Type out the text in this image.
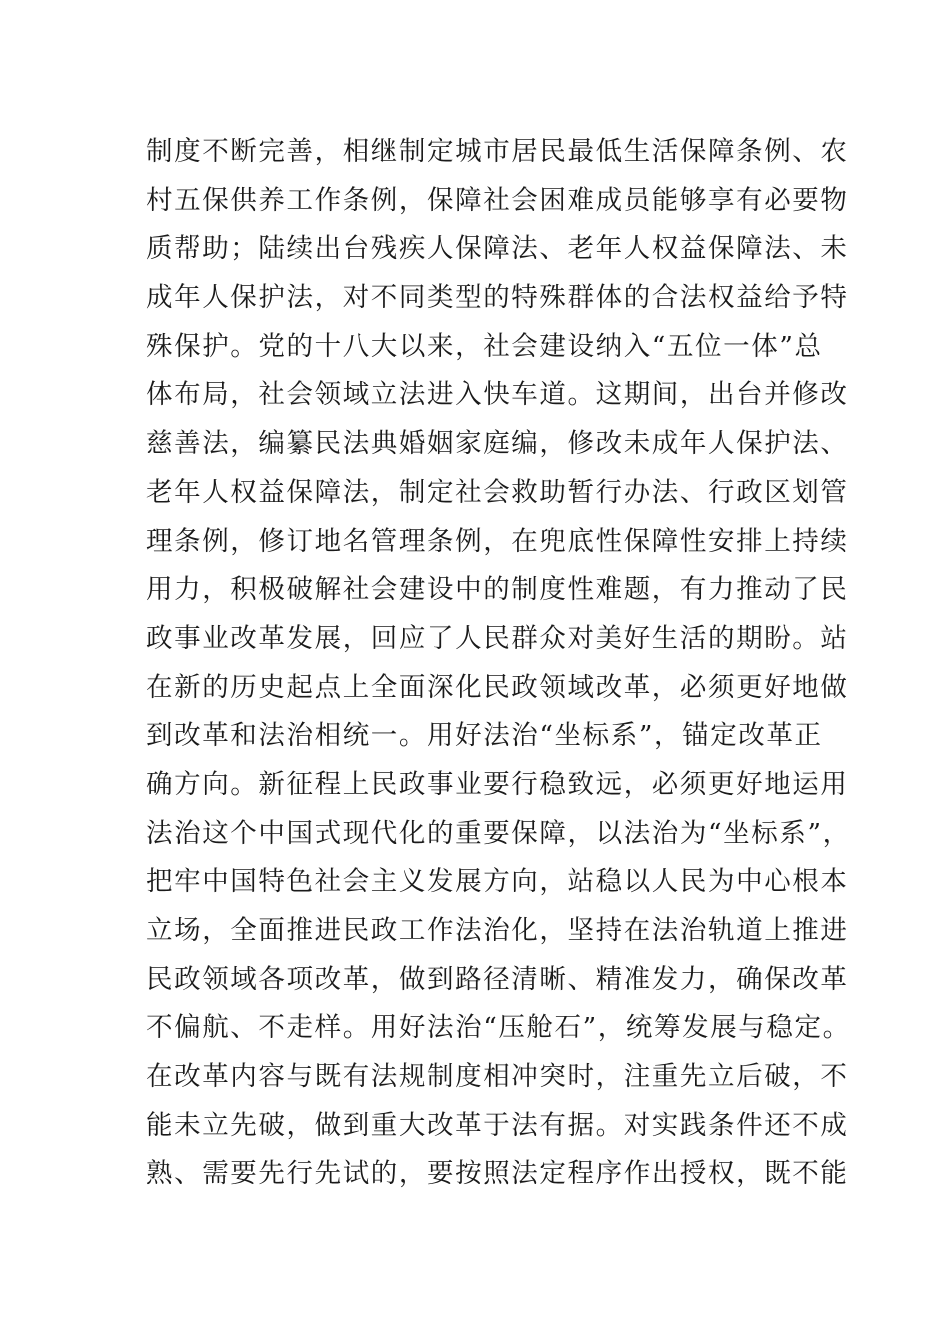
制度不断完善，相继制定城市居民最低生活保障条例、农
村五保供养工作条例，保障社会困难成员能够享有必要物
质帮助；陆续出台残疾人保障法、老年人权益保障法、未
成年人保护法，对不同类型的特殊群体的合法权益给予特
殊保护。党的十八大以来，社会建设纳入“五位一体”总
体布局，社会领域立法进入快车道。这期间，出台并修改
慈善法，编纂民法典婚姻家庭编，修改未成年人保护法、
老年人权益保障法，制定社会救助暂行办法、行政区划管
理条例，修订地名管理条例，在兜底性保障性安排上持续
用力，积极破解社会建设中的制度性难题，有力推动了民
政事业改革发展，回应了人民群众对美好生活的期盼。站
在新的历史起点上全面深化民政领域改革，必须更好地做
到改革和法治相统一。用好法治“坐标系”，锚定改革正
确方向。新征程上民政事业要行稳致远，必须更好地运用
法治这个中国式现代化的重要保障，以法治为“坐标系”，
把牢中国特色社会主义发展方向，站稳以人民为中心根本
立场，全面推进民政工作法治化，坚持在法治轨道上推进
民政领域各项改革，做到路径清晰、精准发力，确保改革
不偏航、不走样。用好法治“压舱石”，统筹发展与稳定。
在改革内容与既有法规制度相冲突时，注重先立后破，不
能未立先破，做到重大改革于法有据。对实践条件还不成
熟、需要先行先试的，要按照法定程序作出授权，既不能
